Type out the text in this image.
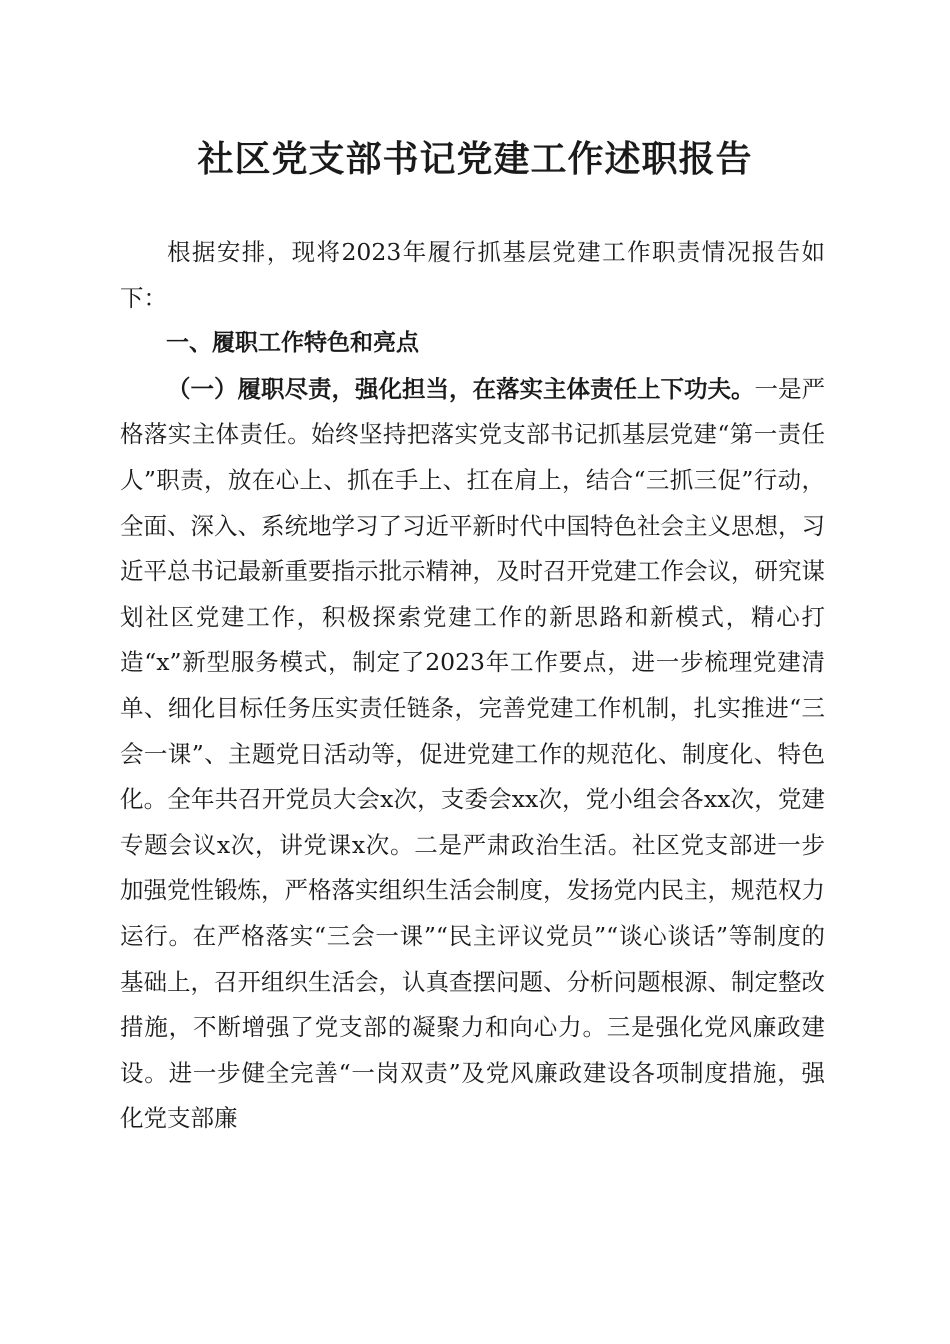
社区党支部书记党建工作述职报告

根据安排，现将2023年履行抓基层党建工作职责情况报告如下：

一、履职工作特色和亮点

（一）履职尽责，强化担当，在落实主体责任上下功夫。一是严格落实主体责任。始终坚持把落实党支部书记抓基层党建“第一责任人”职责，放在心上、抓在手上、扛在肩上，结合“三抓三促”行动，全面、深入、系统地学习了习近平新时代中国特色社会主义思想，习近平总书记最新重要指示批示精神，及时召开党建工作会议，研究谋划社区党建工作，积极探索党建工作的新思路和新模式，精心打造“x”新型服务模式，制定了2023年工作要点，进一步梳理党建清单、细化目标任务压实责任链条，完善党建工作机制，扎实推进“三会一课”、主题党日活动等，促进党建工作的规范化、制度化、特色化。全年共召开党员大会x次，支委会xx次，党小组会各xx次，党建专题会议x次，讲党课x次。二是严肃政治生活。社区党支部进一步加强党性锻炼，严格落实组织生活会制度，发扬党内民主，规范权力运行。在严格落实“三会一课”“民主评议党员”“谈心谈话”等制度的基础上，召开组织生活会，认真查摆问题、分析问题根源、制定整改措施，不断增强了党支部的凝聚力和向心力。三是强化党风廉政建设。进一步健全完善“一岗双责”及党风廉政建设各项制度措施，强化党支部廉
